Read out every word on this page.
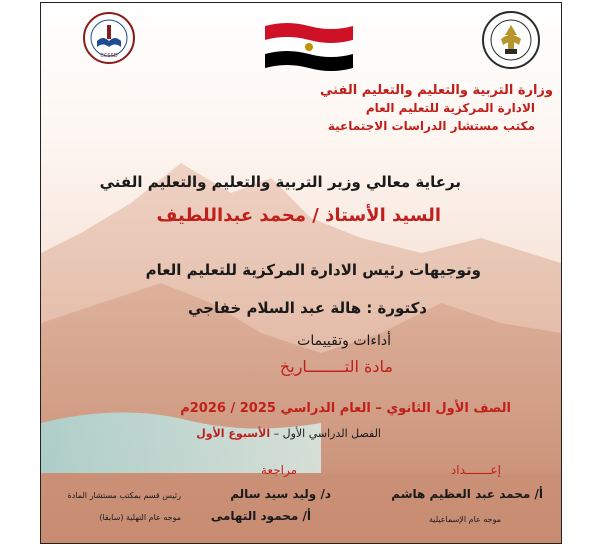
CCSSD
وزارة التربية والتعليم والتعليم الفني
الادارة المركزية للتعليم العام
مكتب مستشار الدراسات الاجتماعية
برعاية معالي وزير التربية والتعليم والتعليم الفني
السيد الأستاذ / محمد عبداللطيف
وتوجيهات رئيس الادارة المركزية للتعليم العام
دكتورة : هالة عبد السلام خفاجي
أداءات وتقييمات
مادة التــــــــاريخ
الصف الأول الثانوي – العام الدراسي 2025 / 2026م
الفصل الدراسي الأول – الأسبوع الأول
إعـــــــداد
مراجعة
أ/ محمد عبد العظيم هاشم
د/ وليد سيد سالم
رئيس قسم بمكتب مستشار المادة
أ/ محمود التهامى
موجه عام التهلية (سابقا)	موجه عام الإسماعيلية
